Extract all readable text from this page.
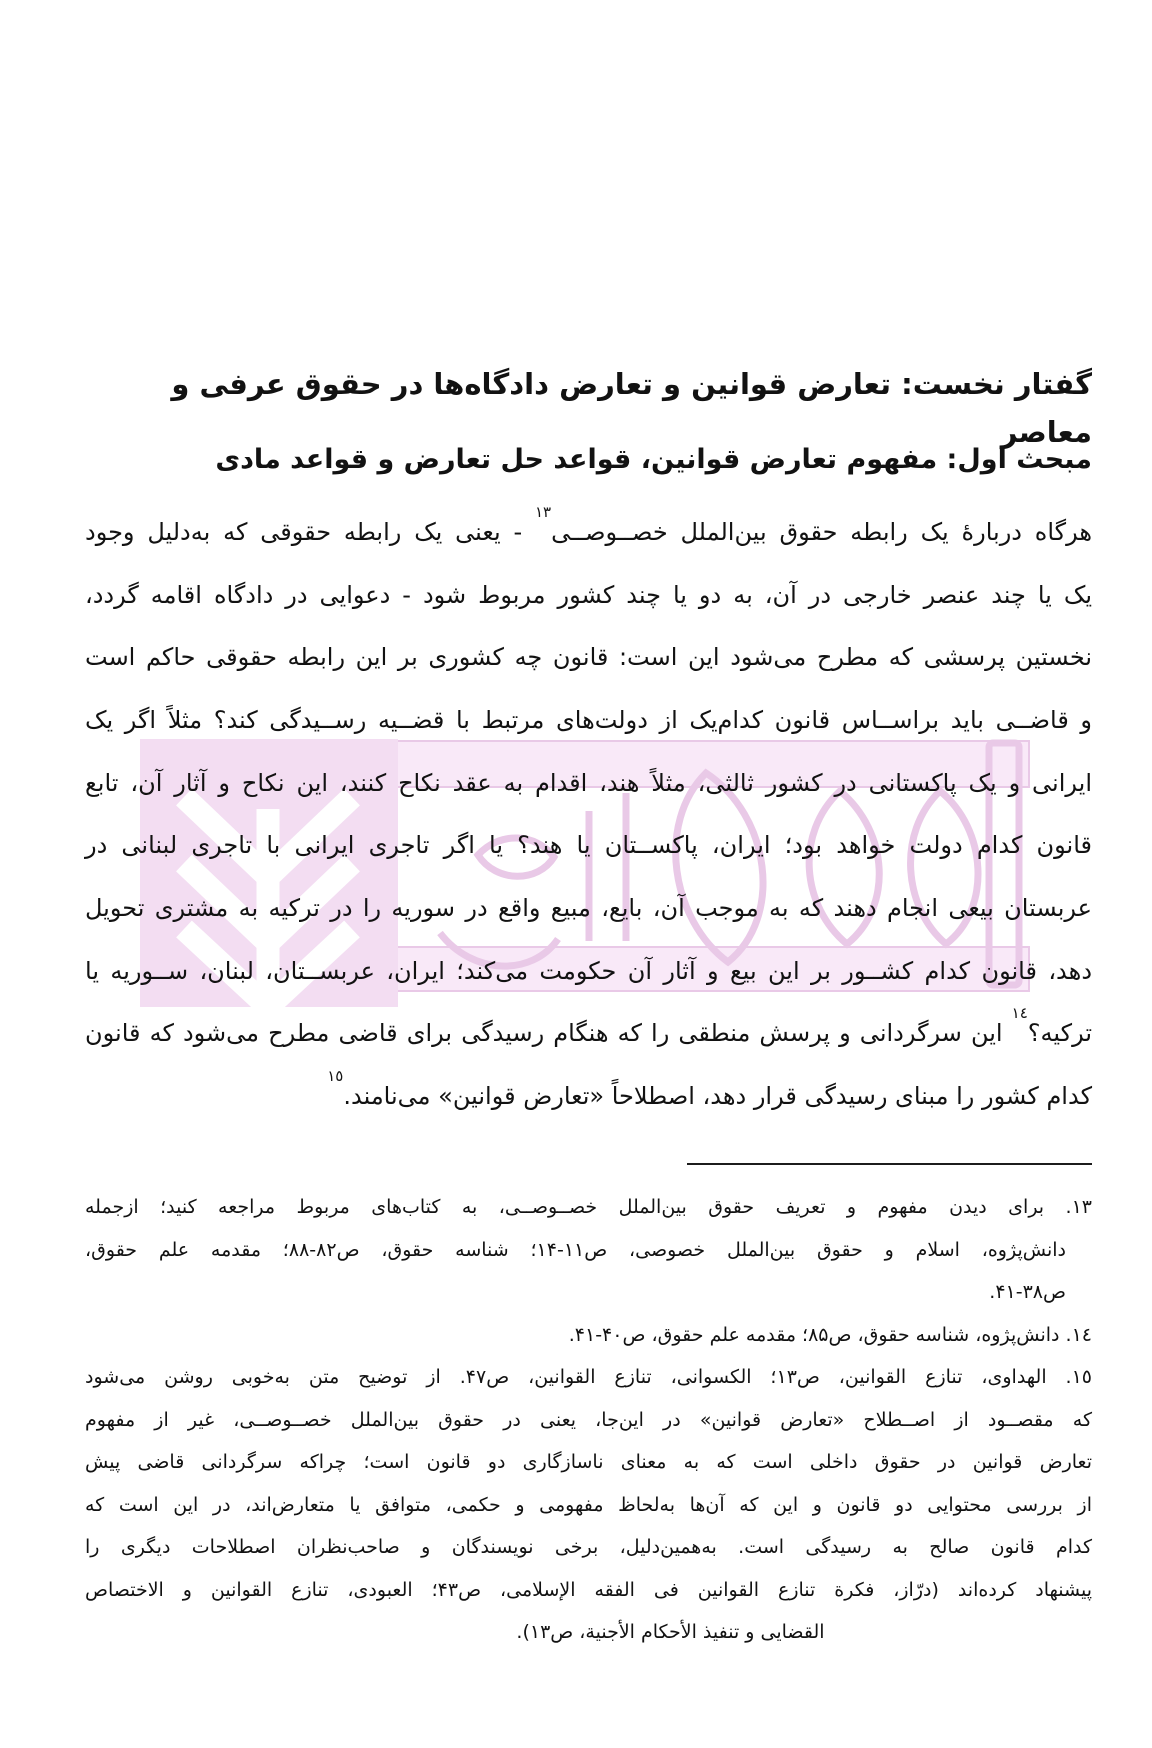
گفتار نخست: تعارض قوانین و تعارض دادگاه‌ها در حقوق عرفی و معاصر
مبحث اول: مفهوم تعارض قوانین، قواعد حل تعارض و قواعد مادی
هرگاه دربارۀ یک رابطه حقوق بین‌الملل خصــوصــی$^{۱۳}$ - یعنی یک رابطه حقوقی که به‌دلیل وجود
یک یا چند عنصر خارجی در آن، به دو یا چند کشور مربوط شود - دعوایی در دادگاه اقامه گردد،
نخستین پرسشی که مطرح می‌شود این است: قانون چه کشوری بر این رابطه حقوقی حاکم است
و قاضــی باید براســاس قانون کدام‌یک از دولت‌های مرتبط با قضــیه رســیدگی کند؟ مثلاً اگر یک
ایرانی و یک پاکستانی در کشور ثالثی، مثلاً هند، اقدام به عقد نکاح کنند، این نکاح و آثار آن، تابع
قانون کدام دولت خواهد بود؛ ایران، پاکســتان یا هند؟ یا اگر تاجری ایرانی با تاجری لبنانی در
عربستان بیعی انجام دهند که به موجب آن، بایع، مبیع واقع در سوریه را در ترکیه به مشتری تحویل
دهد، قانون کدام کشــور بر این بیع و آثار آن حکومت می‌کند؛ ایران، عربســتان، لبنان، ســوریه یا
ترکیه؟$^{١٤}$ این سرگردانی و پرسش منطقی را که هنگام رسیدگی برای قاضی مطرح می‌شود که قانون
کدام کشور را مبنای رسیدگی قرار دهد، اصطلاحاً «تعارض قوانین» می‌نامند.$^{١٥}$
۱۳. برای دیدن مفهوم و تعریف حقوق بین‌الملل خصــوصــی، به کتاب‌های مربوط مراجعه کنید؛ ازجمله
دانش‌پژوه، اسلام و حقوق بین‌الملل خصوصی، ص۱۱-۱۴؛ شناسه حقوق، ص۸۲-۸۸؛ مقدمه علم حقوق،
ص۳۸-۴۱.
١٤. دانش‌پژوه، شناسه حقوق، ص۸۵؛ مقدمه علم حقوق، ص۴۰-۴۱.
١٥. الهداوی، تنازع القوانین، ص۱۳؛ الکسوانی، تنازع القوانین، ص۴۷. از توضیح متن به‌خوبی روشن می‌شود
که مقصــود از اصــطلاح «تعارض قوانین» در این‌جا، یعنی در حقوق بین‌الملل خصــوصــی، غیر از مفهوم
تعارض قوانین در حقوق داخلی است که به معنای ناسازگاری دو قانون است؛ چراکه سرگردانی قاضی پیش
از بررسی محتوایی دو قانون و این که آن‌ها به‌لحاظ مفهومی و حکمی، متوافق یا متعارض‌اند، در این است که
کدام قانون صالح به رسیدگی است. به‌همین‌دلیل، برخی نویسندگان و صاحب‌نظران اصطلاحات دیگری را
پیشنهاد کرده‌اند (درّاز، فکرة تنازع القوانین فی الفقه الإسلامی، ص۴۳؛ العبودی، تنازع القوانین و الاختصاص
القضایی و تنفیذ الأحکام الأجنیة، ص۱۳).
